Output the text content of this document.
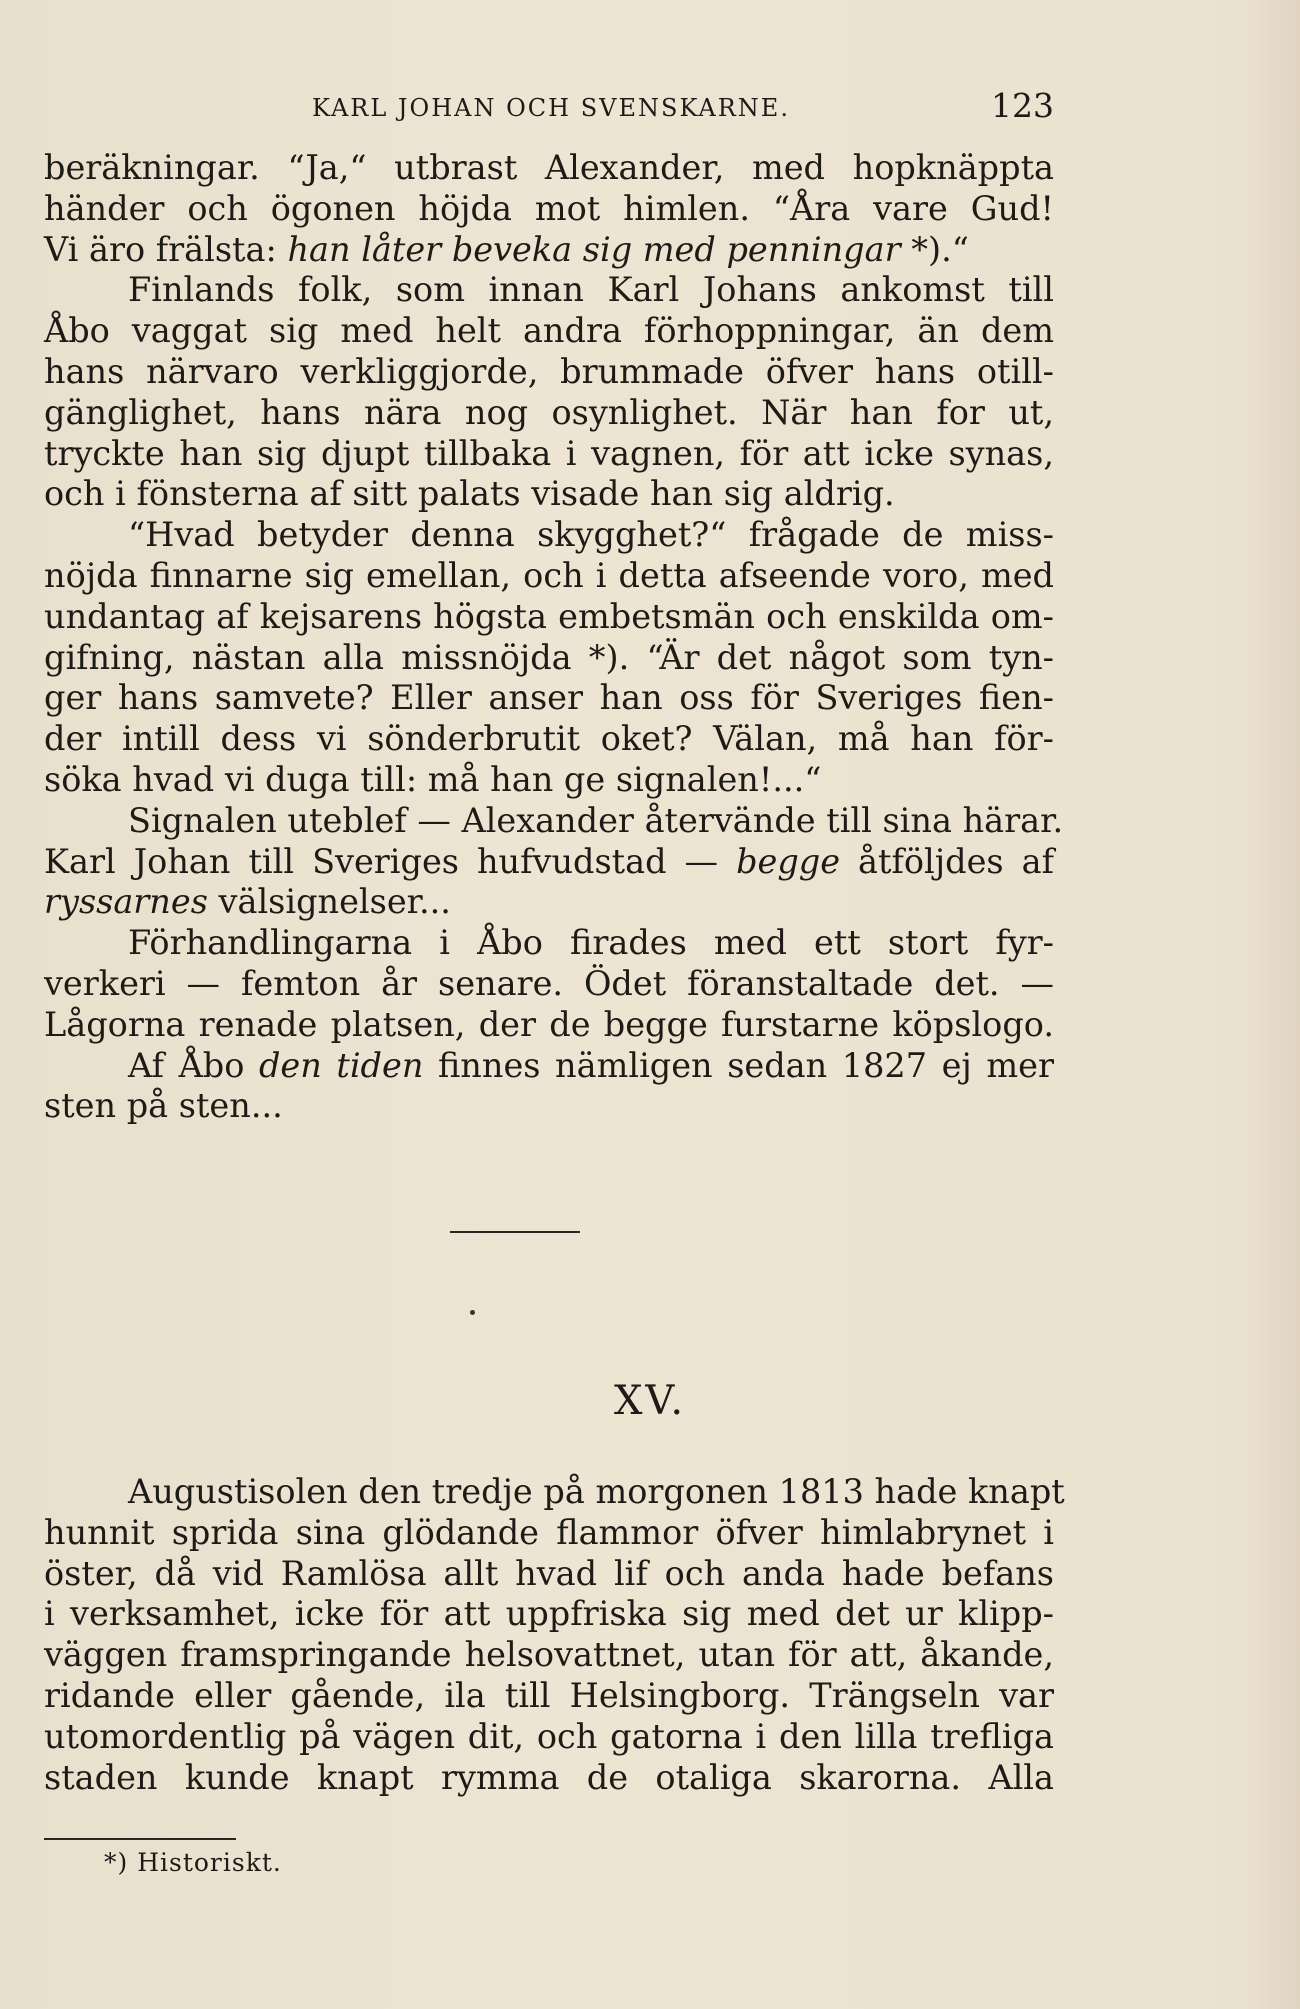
KARL JOHAN OCH SVENSKARNE.	123
beräkningar. “Ja,“ utbrast Alexander, med hopknäppta
händer och ögonen höjda mot himlen. “Åra vare Gud!
Vi äro frälsta: han låter beveka sig med penningar *).“
Finlands folk, som innan Karl Johans ankomst till
Åbo vaggat sig med helt andra förhoppningar, än dem
hans närvaro verkliggjorde, brummade öfver hans otill-
gänglighet, hans nära nog osynlighet. När han for ut,
tryckte han sig djupt tillbaka i vagnen, för att icke synas,
och i fönsterna af sitt palats visade han sig aldrig.
“Hvad betyder denna skygghet?“ frågade de miss-
nöjda finnarne sig emellan, och i detta afseende voro, med
undantag af kejsarens högsta embetsmän och enskilda om-
gifning, nästan alla missnöjda *). “Är det något som tyn-
ger hans samvete? Eller anser han oss för Sveriges fien-
der intill dess vi sönderbrutit oket? Välan, må han för-
söka hvad vi duga till: må han ge signalen!...“
Signalen uteblef — Alexander återvände till sina härar.
Karl Johan till Sveriges hufvudstad — begge åtföljdes af
ryssarnes välsignelser...
Förhandlingarna i Åbo firades med ett stort fyr-
verkeri — femton år senare. Ödet föranstaltade det. —
Lågorna renade platsen, der de begge furstarne köpslogo.
Af Åbo den tiden finnes nämligen sedan 1827 ej mer
sten på sten...
XV.
Augustisolen den tredje på morgonen 1813 hade knapt
hunnit sprida sina glödande flammor öfver himlabrynet i
öster, då vid Ramlösa allt hvad lif och anda hade befans
i verksamhet, icke för att uppfriska sig med det ur klipp-
väggen framspringande helsovattnet, utan för att, åkande,
ridande eller gående, ila till Helsingborg. Trängseln var
utomordentlig på vägen dit, och gatorna i den lilla trefliga
staden kunde knapt rymma de otaliga skarorna. Alla
*) Historiskt.
